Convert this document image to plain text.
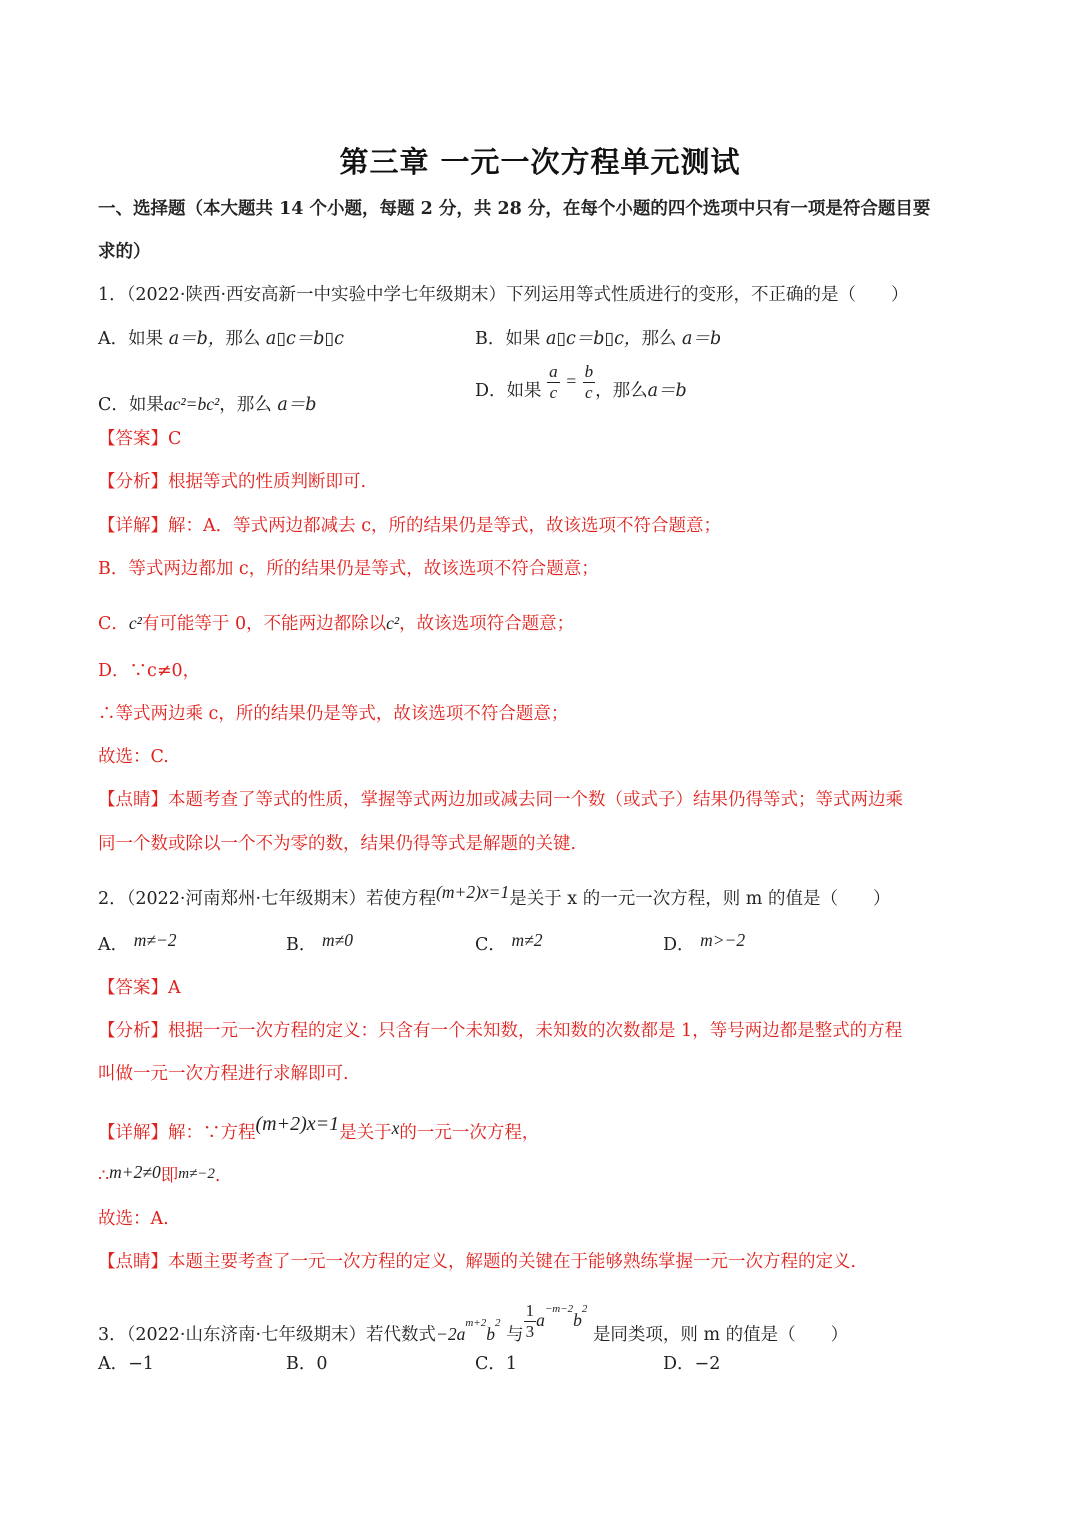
第三章 一元一次方程单元测试
一、选择题（本大题共 14 个小题，每题 2 分，共 28 分，在每个小题的四个选项中只有一项是符合题目要
求的）
1．（2022·陕西·西安高新一中实验中学七年级期末）下列运用等式性质进行的变形，不正确的是（　　）
A．如果 a＝b，那么 a▯c＝b▯c	B．如果 a▯c＝b▯c，那么 a＝b
C．如果ac²=bc²，那么 a＝b
D．如果 $\frac{a}{c} = \frac{b}{c}$ ，那么a＝b
【答案】C
【分析】根据等式的性质判断即可.
【详解】解：A．等式两边都减去 c，所的结果仍是等式，故该选项不符合题意；
B．等式两边都加 c，所的结果仍是等式，故该选项不符合题意；
C．c²有可能等于 0，不能两边都除以c²，故该选项符合题意；
D．∵c≠0，
∴等式两边乘 c，所的结果仍是等式，故该选项不符合题意；
故选：C.
【点睛】本题考查了等式的性质，掌握等式两边加或减去同一个数（或式子）结果仍得等式；等式两边乘
同一个数或除以一个不为零的数，结果仍得等式是解题的关键.
2．（2022·河南郑州·七年级期末）若使方程(m+2)x=1是关于 x 的一元一次方程，则 m 的值是（　　）
A． m≠−2	B． m≠0	C． m≠2	D． m>−2
【答案】A
【分析】根据一元一次方程的定义：只含有一个未知数，未知数的次数都是 1，等号两边都是整式的方程
叫做一元一次方程进行求解即可.
【详解】解：∵方程(m+2)x=1是关于x的一元一次方程，
∴m+2≠0即m≠−2.
故选：A.
【点睛】本题主要考查了一元一次方程的定义，解题的关键在于能够熟练掌握一元一次方程的定义.
3．（2022·山东济南·七年级期末）若代数式$-2a^{m+2}b^2$ 与 $\frac{1}{3} a^{-m-2}b^2$ 是同类项，则 m 的值是（　　）
A．−1	B．0	C．1	D．−2
